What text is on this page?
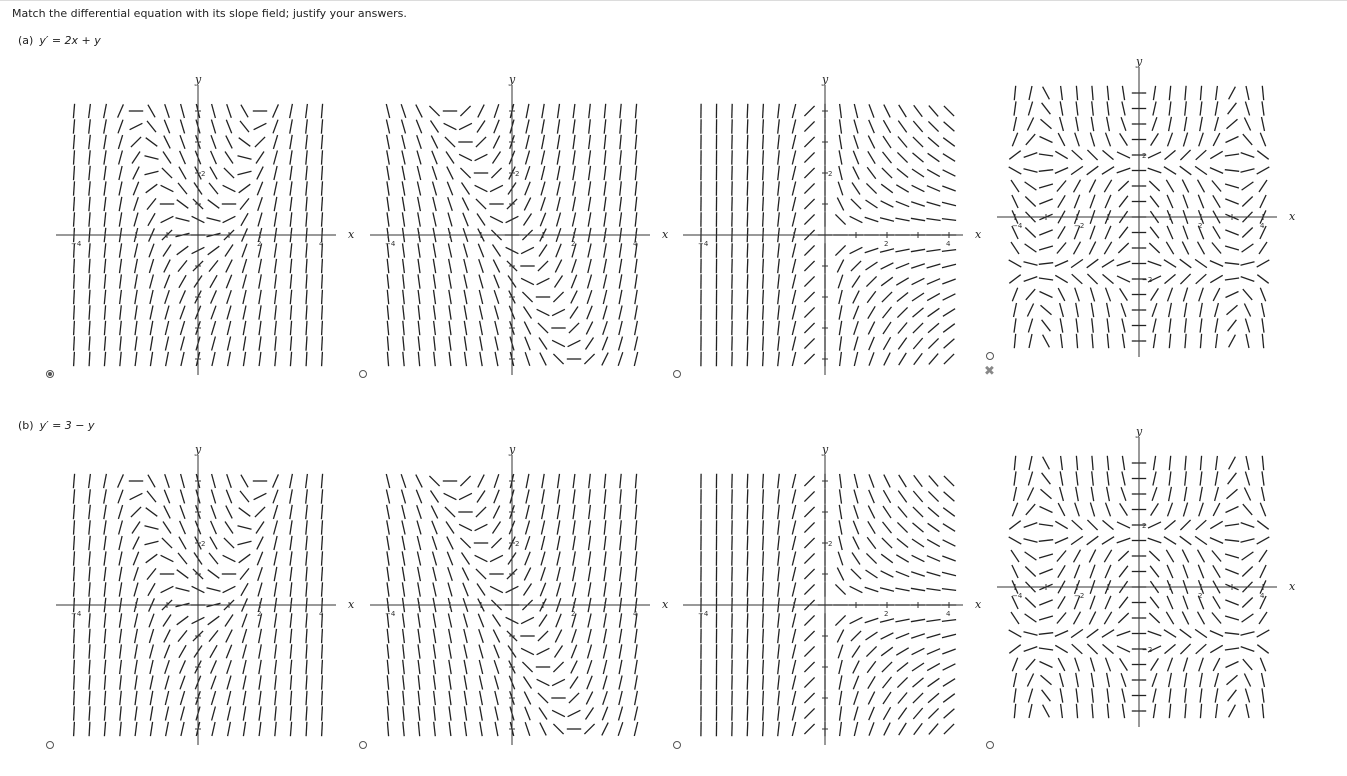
Match the differential equation with its slope field; justify your answers.
(a) y′ = 2x + y
(b) y′ = 3 − y
x
y
−4	2	4
2
x
y
−4	2	4
2
x
y
−4	2	4
2
x
y
−4	−2	2	4
2
−2
✖
x
y
−4	2	4
2
x
y
−4	2	4
2
x
y
−4	2	4
2
x
y
−4	−2	2	4
2
−2
